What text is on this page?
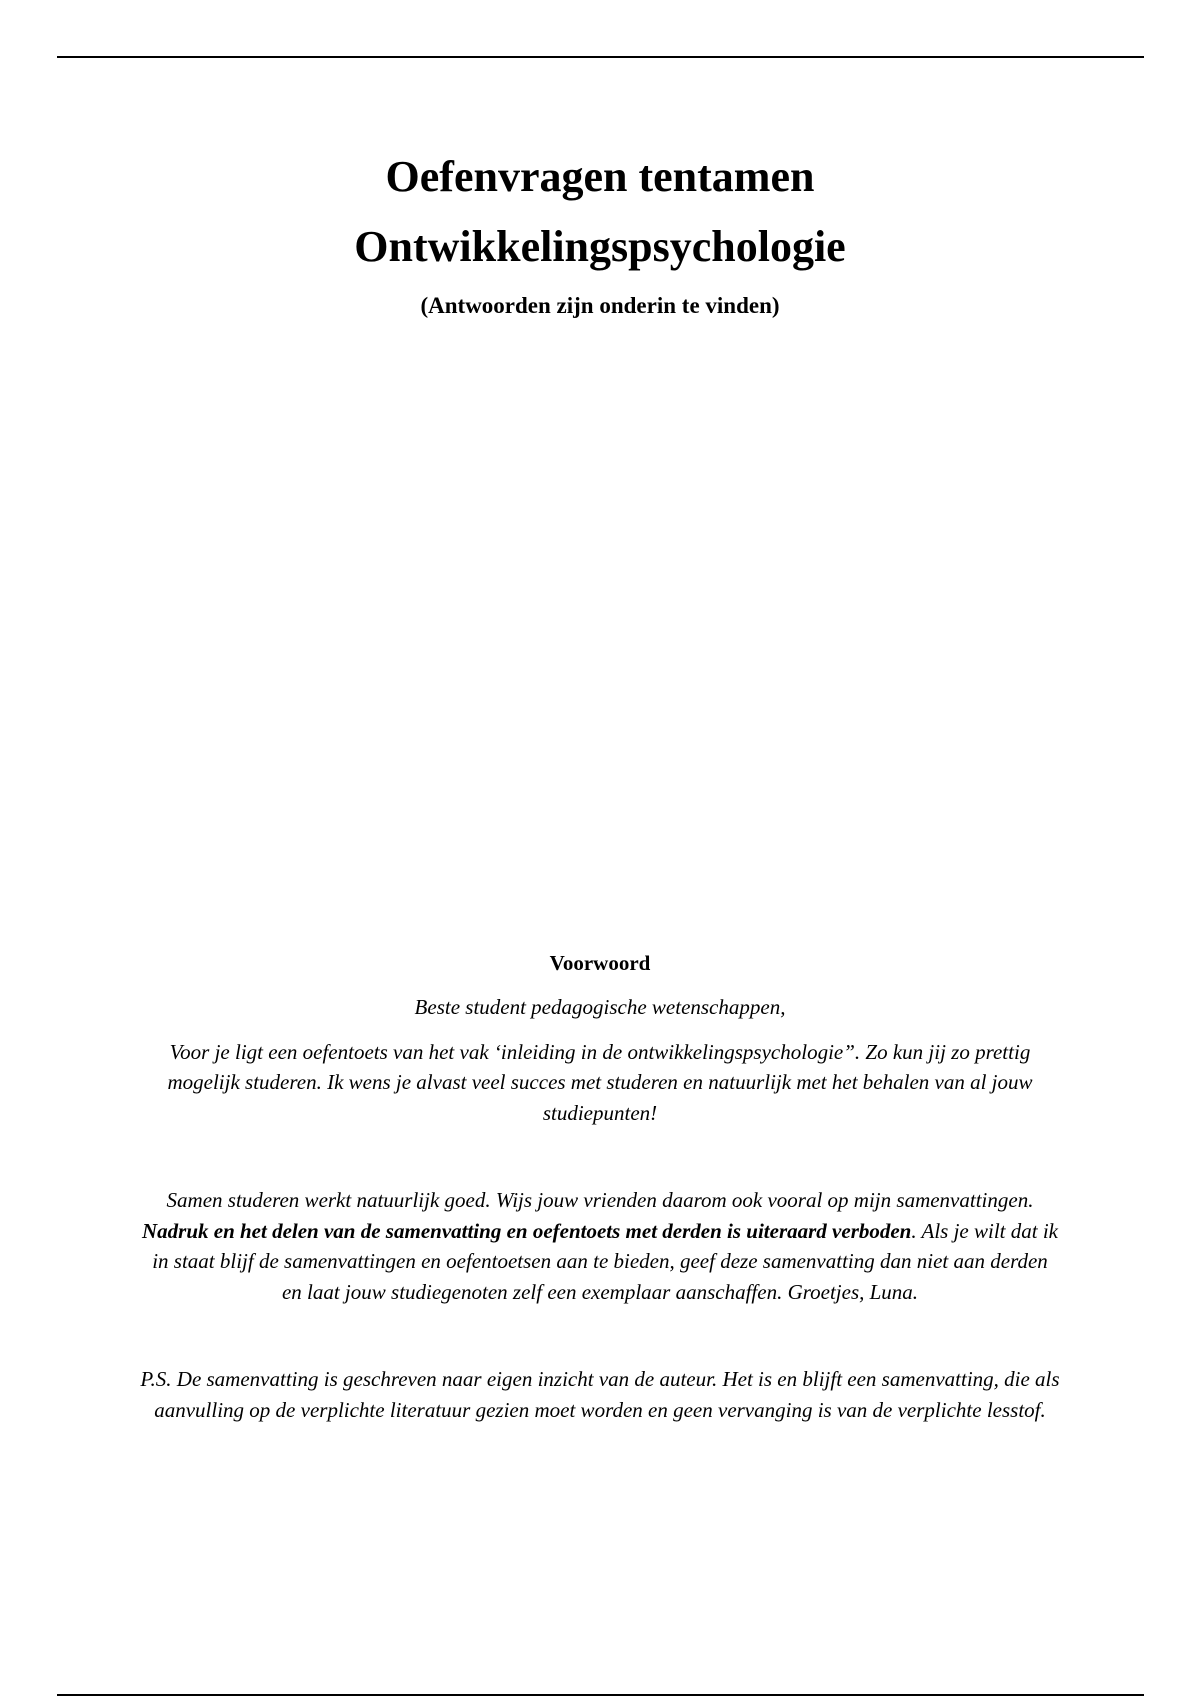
Oefenvragen tentamen
Ontwikkelingspsychologie

(Antwoorden zijn onderin te vinden)

Voorwoord

Beste student pedagogische wetenschappen,

Voor je ligt een oefentoets van het vak ‘inleiding in de ontwikkelingspsychologie”. Zo kun jij zo prettig mogelijk studeren. Ik wens je alvast veel succes met studeren en natuurlijk met het behalen van al jouw studiepunten!

Samen studeren werkt natuurlijk goed. Wijs jouw vrienden daarom ook vooral op mijn samenvattingen. Nadruk en het delen van de samenvatting en oefentoets met derden is uiteraard verboden. Als je wilt dat ik in staat blijf de samenvattingen en oefentoetsen aan te bieden, geef deze samenvatting dan niet aan derden en laat jouw studiegenoten zelf een exemplaar aanschaffen. Groetjes, Luna.

P.S. De samenvatting is geschreven naar eigen inzicht van de auteur. Het is en blijft een samenvatting, die als aanvulling op de verplichte literatuur gezien moet worden en geen vervanging is van de verplichte lesstof.
